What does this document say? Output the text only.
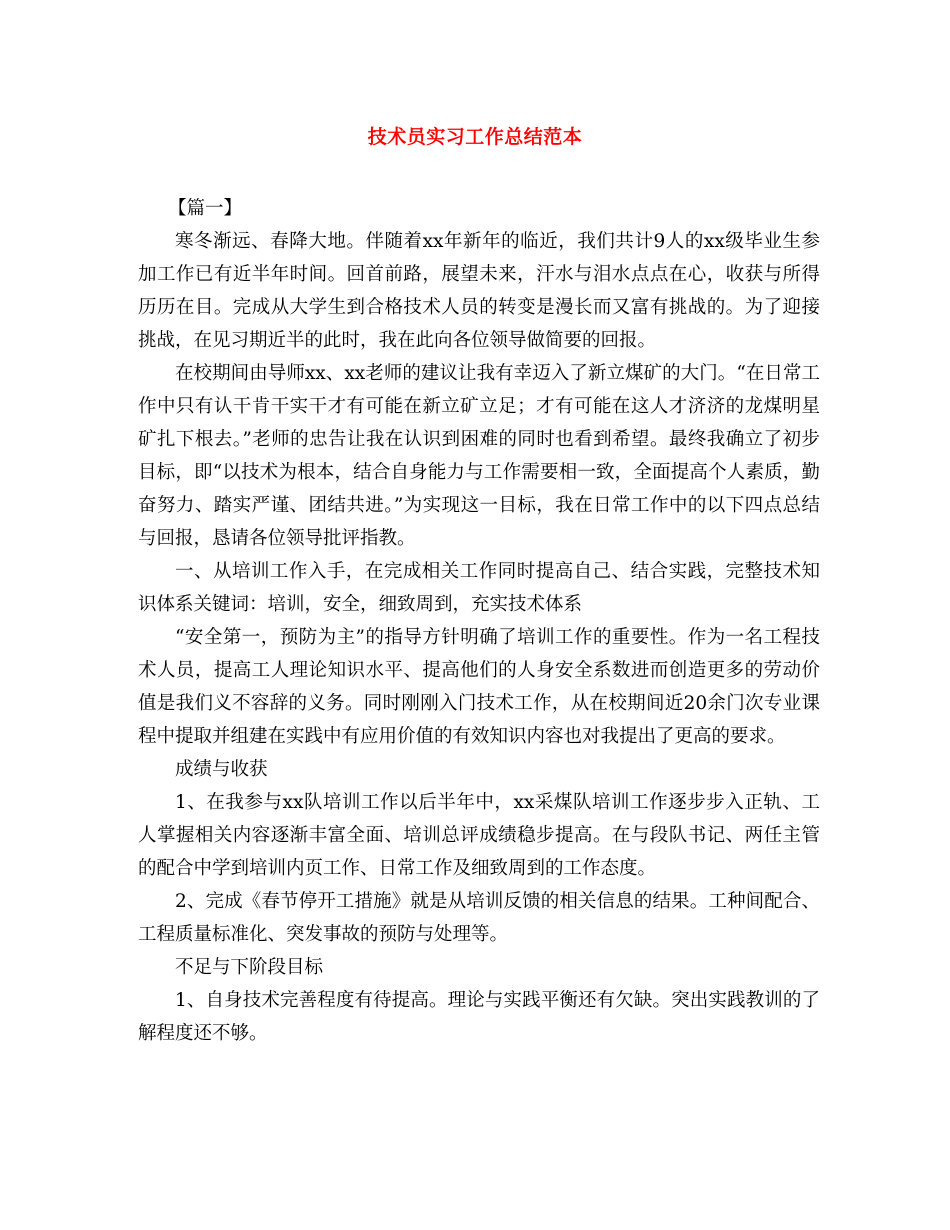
技术员实习工作总结范本

【篇一】

寒冬渐远、春降大地。伴随着xx年新年的临近，我们共计9人的xx级毕业生参加工作已有近半年时间。回首前路，展望未来，汗水与泪水点点在心，收获与所得历历在目。完成从大学生到合格技术人员的转变是漫长而又富有挑战的。为了迎接挑战，在见习期近半的此时，我在此向各位领导做简要的回报。

在校期间由导师xx、xx老师的建议让我有幸迈入了新立煤矿的大门。“在日常工作中只有认干肯干实干才有可能在新立矿立足；才有可能在这人才济济的龙煤明星矿扎下根去。”老师的忠告让我在认识到困难的同时也看到希望。最终我确立了初步目标，即“以技术为根本，结合自身能力与工作需要相一致，全面提高个人素质，勤奋努力、踏实严谨、团结共进。”为实现这一目标，我在日常工作中的以下四点总结与回报，恳请各位领导批评指教。

一、从培训工作入手，在完成相关工作同时提高自己、结合实践，完整技术知识体系关键词：培训，安全，细致周到，充实技术体系

“安全第一，预防为主”的指导方针明确了培训工作的重要性。作为一名工程技术人员，提高工人理论知识水平、提高他们的人身安全系数进而创造更多的劳动价值是我们义不容辞的义务。同时刚刚入门技术工作，从在校期间近20余门次专业课程中提取并组建在实践中有应用价值的有效知识内容也对我提出了更高的要求。

成绩与收获

1、在我参与xx队培训工作以后半年中，xx采煤队培训工作逐步步入正轨、工人掌握相关内容逐渐丰富全面、培训总评成绩稳步提高。在与段队书记、两任主管的配合中学到培训内页工作、日常工作及细致周到的工作态度。

2、完成《春节停开工措施》就是从培训反馈的相关信息的结果。工种间配合、工程质量标准化、突发事故的预防与处理等。

不足与下阶段目标

1、自身技术完善程度有待提高。理论与实践平衡还有欠缺。突出实践教训的了解程度还不够。
